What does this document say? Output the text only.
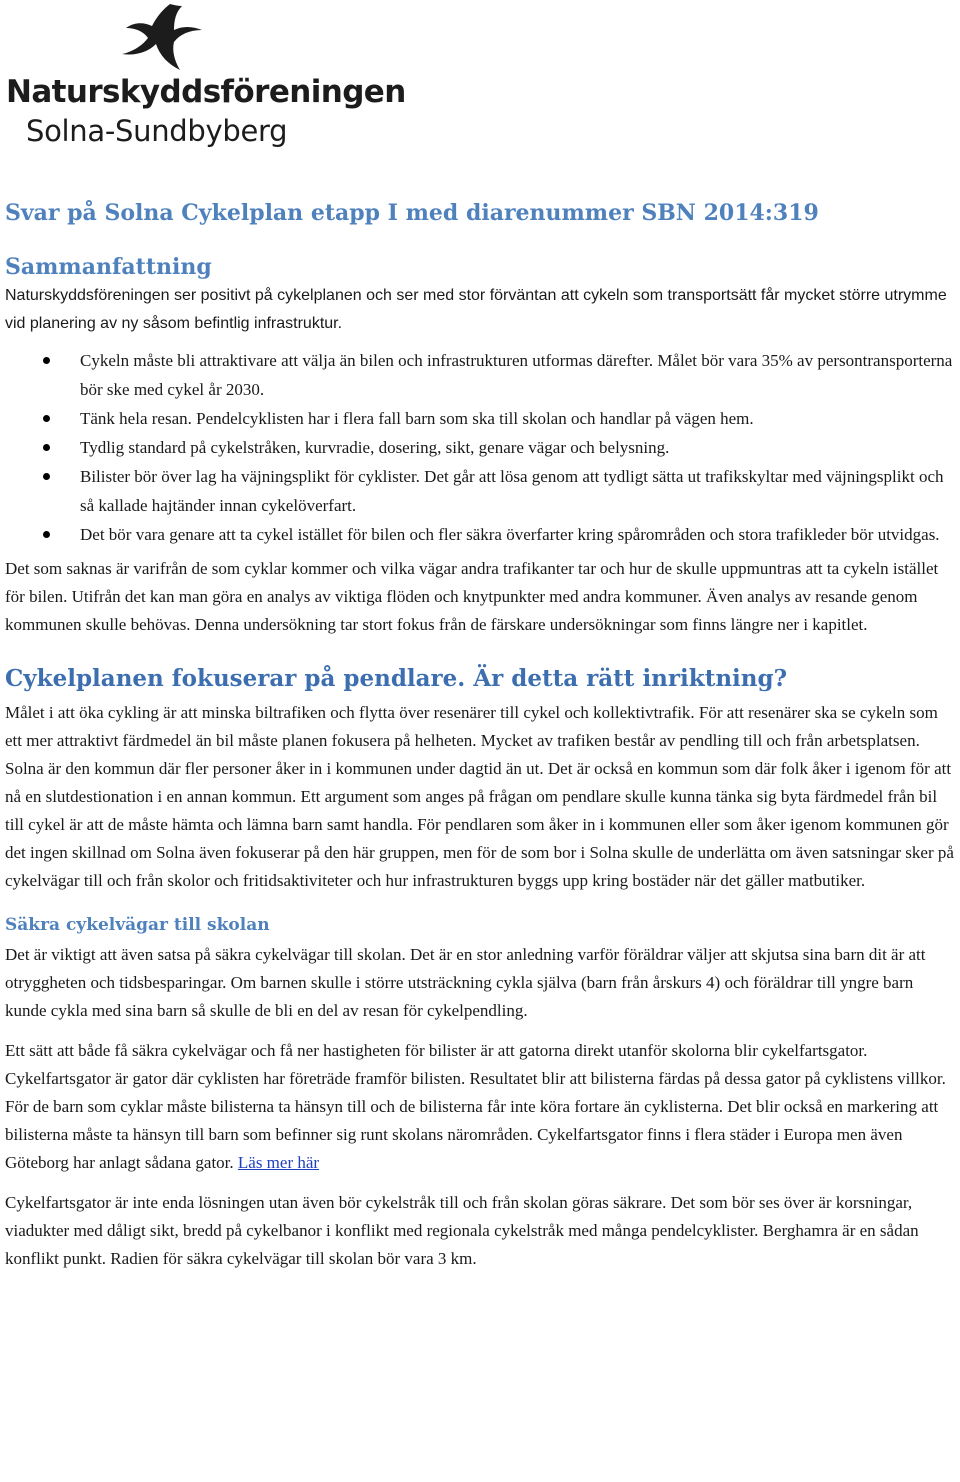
Naturskyddsföreningen
Solna-Sundbyberg
Svar på Solna Cykelplan etapp I med diarenummer SBN 2014:319
Sammanfattning

Naturskyddsföreningen ser positivt på cykelplanen och ser med stor förväntan att cykeln som transportsätt får mycket större utrymme vid planering av ny såsom befintlig infrastruktur.

Cykeln måste bli attraktivare att välja än bilen och infrastrukturen utformas därefter. Målet bör vara 35% av persontransporterna bör ske med cykel år 2030.
Tänk hela resan. Pendelcyklisten har i flera fall barn som ska till skolan och handlar på vägen hem.
Tydlig standard på cykelstråken, kurvradie, dosering, sikt, genare vägar och belysning.
Bilister bör över lag ha väjningsplikt för cyklister. Det går att lösa genom att tydligt sätta ut trafikskyltar med väjningsplikt och så kallade hajtänder innan cykelöverfart.
Det bör vara genare att ta cykel istället för bilen och fler säkra överfarter kring spårområden och stora trafikleder bör utvidgas.

Det som saknas är varifrån de som cyklar kommer och vilka vägar andra trafikanter tar och hur de skulle uppmuntras att ta cykeln istället för bilen. Utifrån det kan man göra en analys av viktiga flöden och knytpunkter med andra kommuner. Även analys av resande genom kommunen skulle behövas. Denna undersökning tar stort fokus från de färskare undersökningar som finns längre ner i kapitlet.

Cykelplanen fokuserar på pendlare. Är detta rätt inriktning?

Målet i att öka cykling är att minska biltrafiken och flytta över resenärer till cykel och kollektivtrafik. För att resenärer ska se cykeln som ett mer attraktivt färdmedel än bil måste planen fokusera på helheten. Mycket av trafiken består av pendling till och från arbetsplatsen. Solna är den kommun där fler personer åker in i kommunen under dagtid än ut. Det är också en kommun som där folk åker i igenom för att nå en slutdestionation i en annan kommun. Ett argument som anges på frågan om pendlare skulle kunna tänka sig byta färdmedel från bil till cykel är att de måste hämta och lämna barn samt handla. För pendlaren som åker in i kommunen eller som åker igenom kommunen gör det ingen skillnad om Solna även fokuserar på den här gruppen, men för de som bor i Solna skulle de underlätta om även satsningar sker på cykelvägar till och från skolor och fritidsaktiviteter och hur infrastrukturen byggs upp kring bostäder när det gäller matbutiker.

Säkra cykelvägar till skolan

Det är viktigt att även satsa på säkra cykelvägar till skolan. Det är en stor anledning varför föräldrar väljer att skjutsa sina barn dit är att otryggheten och tidsbesparingar. Om barnen skulle i större utsträckning cykla själva (barn från årskurs 4) och föräldrar till yngre barn kunde cykla med sina barn så skulle de bli en del av resan för cykelpendling.

Ett sätt att både få säkra cykelvägar och få ner hastigheten för bilister är att gatorna direkt utanför skolorna blir cykelfartsgator. Cykelfartsgator är gator där cyklisten har företräde framför bilisten. Resultatet blir att bilisterna färdas på dessa gator på cyklistens villkor. För de barn som cyklar måste bilisterna ta hänsyn till och de bilisterna får inte köra fortare än cyklisterna. Det blir också en markering att bilisterna måste ta hänsyn till barn som befinner sig runt skolans närområden. Cykelfartsgator finns i flera städer i Europa men även Göteborg har anlagt sådana gator. Läs mer här

Cykelfartsgator är inte enda lösningen utan även bör cykelstråk till och från skolan göras säkrare. Det som bör ses över är korsningar, viadukter med dåligt sikt, bredd på cykelbanor i konflikt med regionala cykelstråk med många pendelcyklister. Berghamra är en sådan konflikt punkt. Radien för säkra cykelvägar till skolan bör vara 3 km.
